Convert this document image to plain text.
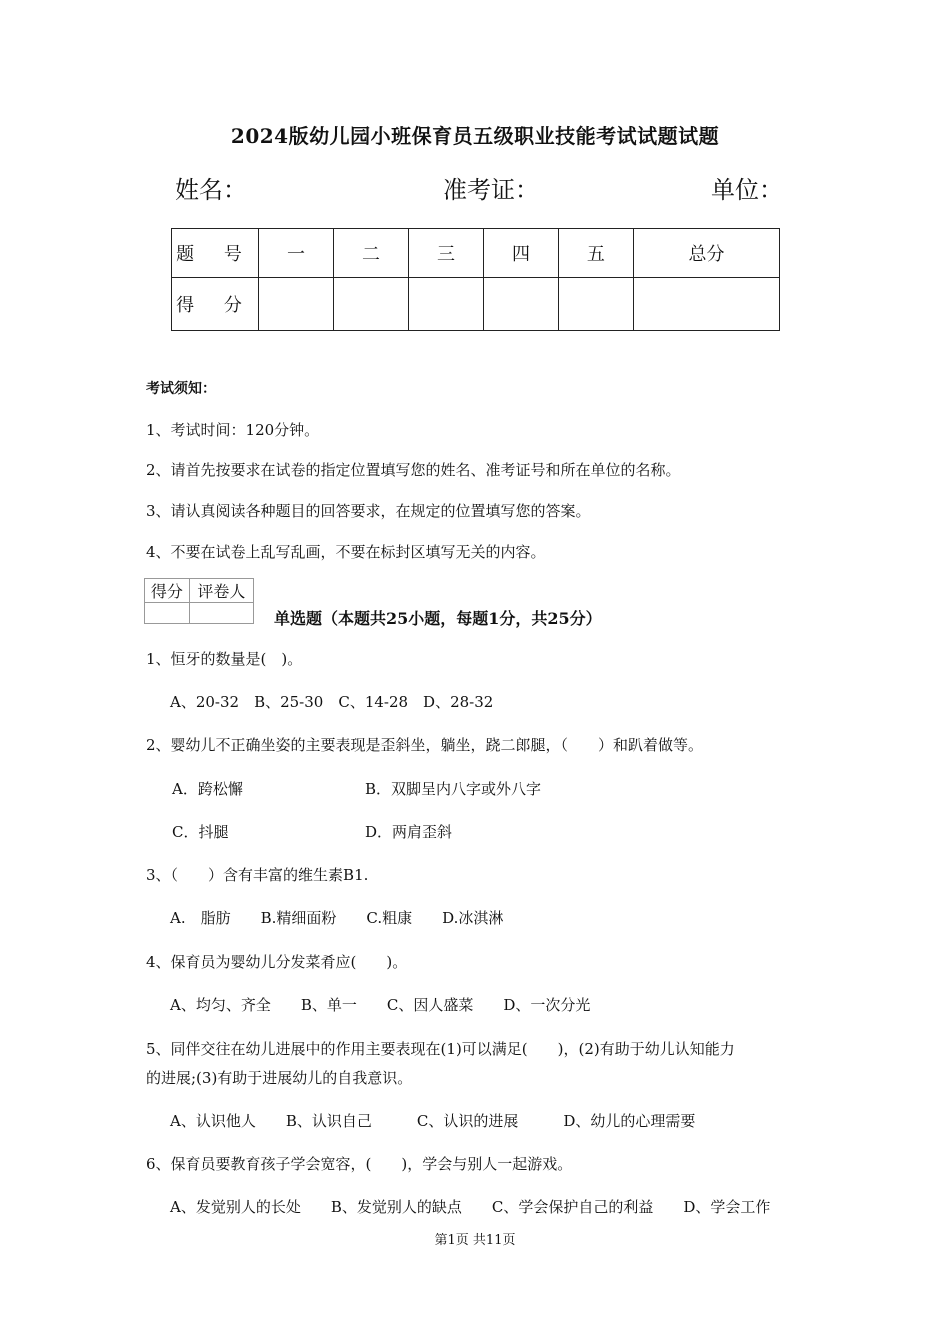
2024版幼儿园小班保育员五级职业技能考试试题试题
姓名：	准考证：	单位：
题 号	一	二	三	四	五	总分
得 分						
考试须知：
1、考试时间：120分钟。
2、请首先按要求在试卷的指定位置填写您的姓名、准考证号和所在单位的名称。
3、请认真阅读各种题目的回答要求，在规定的位置填写您的答案。
4、不要在试卷上乱写乱画，不要在标封区填写无关的内容。
得分	评卷人

单选题（本题共25小题，每题1分，共25分）
1、恒牙的数量是(　)。
A、20-32　B、25-30　C、14-28　D、28-32
2、婴幼儿不正确坐姿的主要表现是歪斜坐，躺坐，跷二郎腿，（　　）和趴着做等。
A．跨松懈	B．双脚呈内八字或外八字
C．抖腿	D．两肩歪斜
3、（　　）含有丰富的维生素B1.
A.　脂肪　　B.精细面粉　　C.粗康　　D.冰淇淋
4、保育员为婴幼儿分发菜肴应(　　)。
A、均匀、齐全　　B、单一　　C、因人盛菜　　D、一次分光
5、同伴交往在幼儿进展中的作用主要表现在(1)可以满足(　　)，(2)有助于幼儿认知能力
的进展;(3)有助于进展幼儿的自我意识。
A、认识他人　　B、认识自己　　　C、认识的进展　　　D、幼儿的心理需要
6、保育员要教育孩子学会宽容，(　　)，学会与别人一起游戏。
A、发觉别人的长处　　B、发觉别人的缺点　　C、学会保护自己的利益　　D、学会工作
第1页 共11页
